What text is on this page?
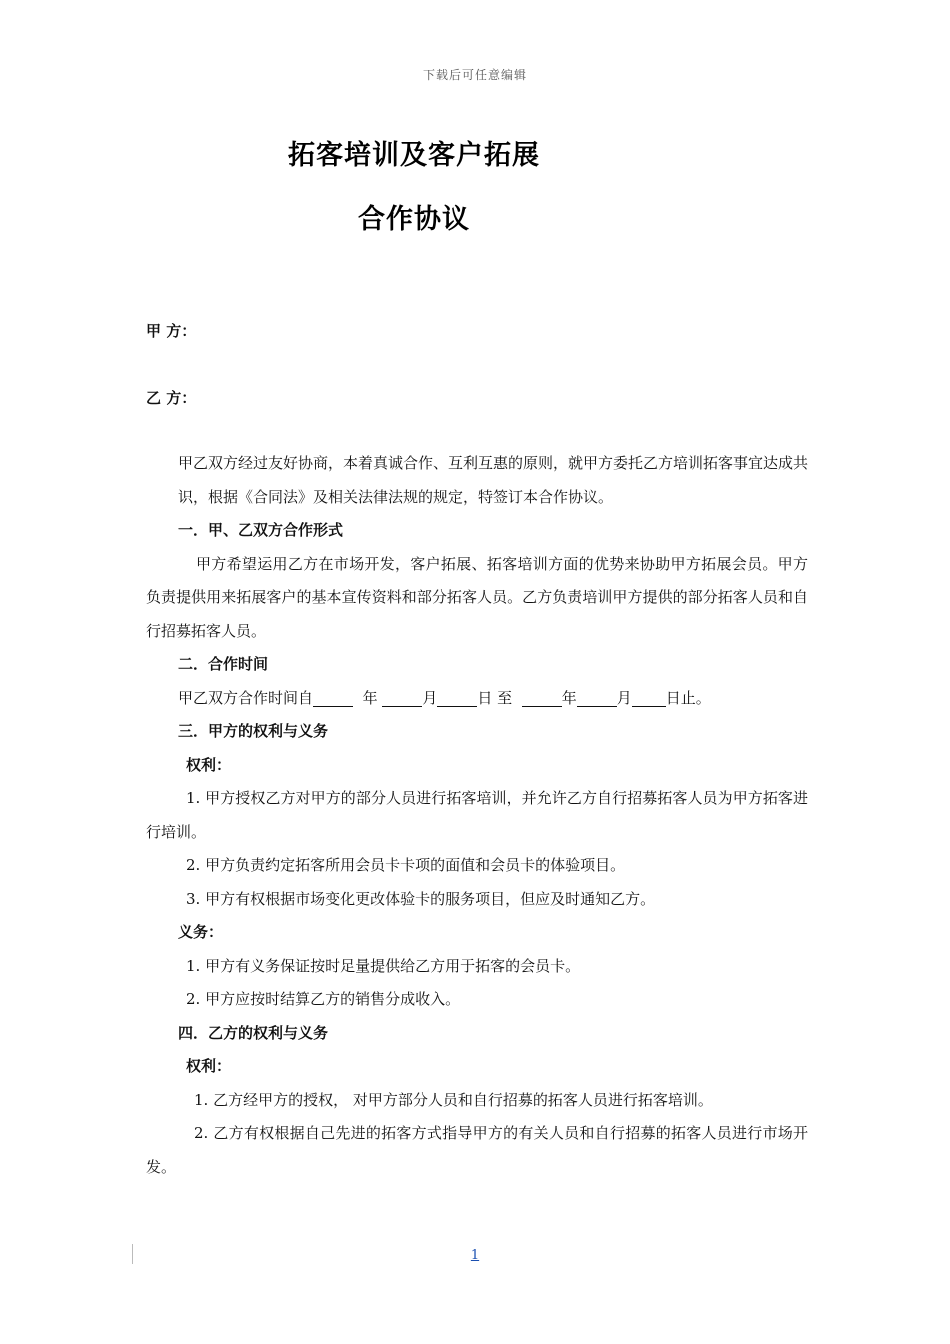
下载后可任意编辑
拓客培训及客户拓展
合作协议
甲 方：
乙 方：

甲乙双方经过友好协商，本着真诚合作、互利互惠的原则，就甲方委托乙方培训拓客事宜达成共识，根据《合同法》及相关法律法规的规定，特签订本合作协议。

一．甲、乙双方合作形式

甲方希望运用乙方在市场开发，客户拓展、拓客培训方面的优势来协助甲方拓展会员。甲方负责提供用来拓展客户的基本宣传资料和部分拓客人员。乙方负责培训甲方提供的部分拓客人员和自行招募拓客人员。

二．合作时间

甲乙双方合作时间自	年	月	日 至	年	月 日止。

三．甲方的权利与义务

权利：

1. 甲方授权乙方对甲方的部分人员进行拓客培训，并允许乙方自行招募拓客人员为甲方拓客进行培训。

2. 甲方负责约定拓客所用会员卡卡项的面值和会员卡的体验项目。

3. 甲方有权根据市场变化更改体验卡的服务项目，但应及时通知乙方。

义务：

1. 甲方有义务保证按时足量提供给乙方用于拓客的会员卡。

2. 甲方应按时结算乙方的销售分成收入。

四．乙方的权利与义务

权利：

1. 乙方经甲方的授权， 对甲方部分人员和自行招募的拓客人员进行拓客培训。

2. 乙方有权根据自己先进的拓客方式指导甲方的有关人员和自行招募的拓客人员进行市场开发。

1
